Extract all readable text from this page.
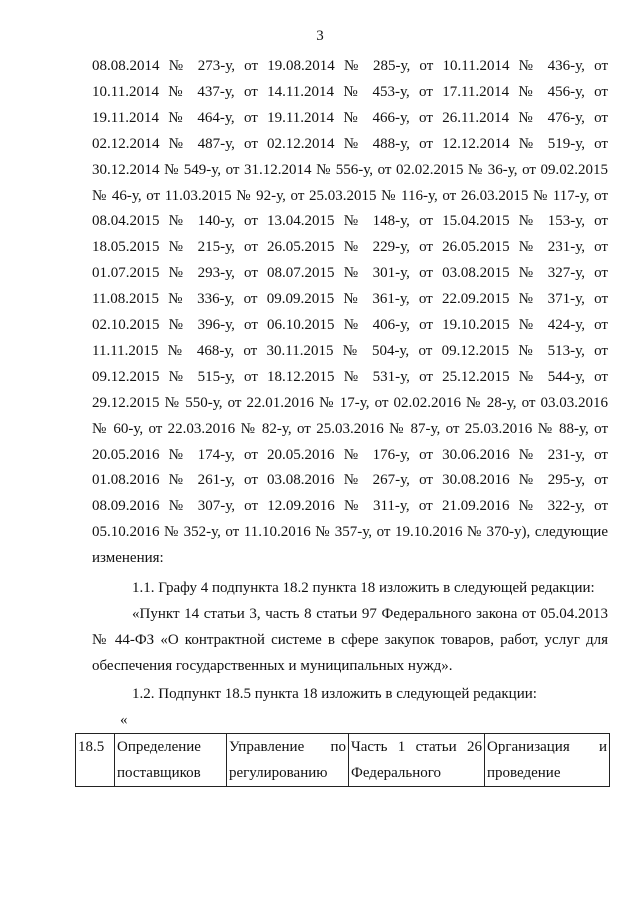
3
08.08.2014 № 273-у, от 19.08.2014 № 285-у, от 10.11.2014 № 436-у, от
10.11.2014 № 437-у, от 14.11.2014 № 453-у, от 17.11.2014 № 456-у, от
19.11.2014 № 464-у, от 19.11.2014 № 466-у, от 26.11.2014 № 476-у, от
02.12.2014 № 487-у, от 02.12.2014 № 488-у, от 12.12.2014 № 519-у, от
30.12.2014 № 549-у, от 31.12.2014 № 556-у, от 02.02.2015 № 36-у, от 09.02.2015
№ 46-у, от 11.03.2015 № 92-у, от 25.03.2015 № 116-у, от 26.03.2015 № 117-у, от
08.04.2015 № 140-у, от 13.04.2015 № 148-у, от 15.04.2015 № 153-у, от
18.05.2015 № 215-у, от 26.05.2015 № 229-у, от 26.05.2015 № 231-у, от
01.07.2015 № 293-у, от 08.07.2015 № 301-у, от 03.08.2015 № 327-у, от
11.08.2015 № 336-у, от 09.09.2015 № 361-у, от 22.09.2015 № 371-у, от
02.10.2015 № 396-у, от 06.10.2015 № 406-у, от 19.10.2015 № 424-у, от
11.11.2015 № 468-у, от 30.11.2015 № 504-у, от 09.12.2015 № 513-у, от
09.12.2015 № 515-у, от 18.12.2015 № 531-у, от 25.12.2015 № 544-у, от
29.12.2015 № 550-у, от 22.01.2016 № 17-у, от 02.02.2016 № 28-у, от 03.03.2016
№ 60-у, от 22.03.2016 № 82-у, от 25.03.2016 № 87-у, от 25.03.2016 № 88-у, от
20.05.2016 № 174-у, от 20.05.2016 № 176-у, от 30.06.2016 № 231-у, от
01.08.2016 № 261-у, от 03.08.2016 № 267-у, от 30.08.2016 № 295-у, от
08.09.2016 № 307-у, от 12.09.2016 № 311-у, от 21.09.2016 № 322-у, от
05.10.2016 № 352-у, от 11.10.2016 № 357-у, от 19.10.2016 № 370-у), следующие
изменения:
1.1. Графу 4 подпункта 18.2 пункта 18 изложить в следующей редакции:
«Пункт 14 статьи 3, часть 8 статьи 97 Федерального закона от 05.04.2013
№ 44-ФЗ «О контрактной системе в сфере закупок товаров, работ, услуг для
обеспечения государственных и муниципальных нужд».
1.2. Подпункт 18.5 пункта 18 изложить в следующей редакции:
«
18.5	Определение
поставщиков

Управление по
регулированию

Часть 1 статьи 26
Федерального

Организация и
проведение
